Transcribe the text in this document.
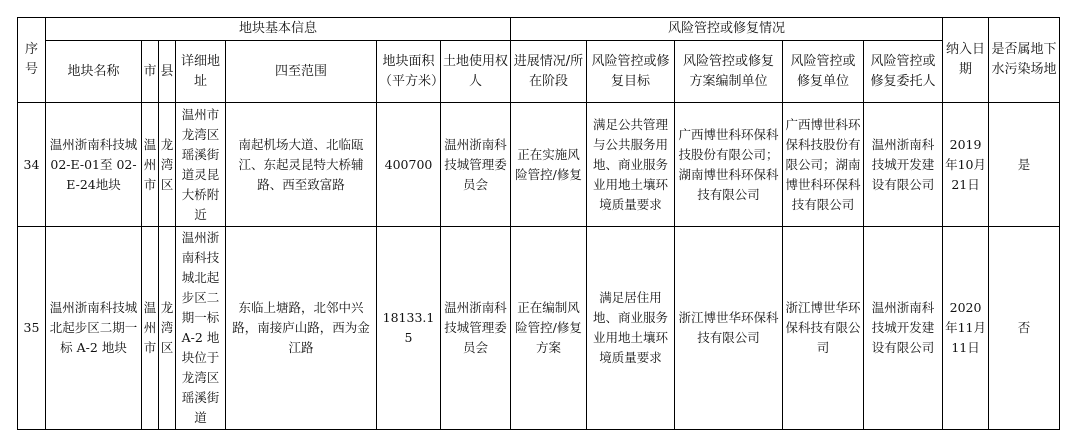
序号	地块基本信息							风险管控或修复情况					纳入日期	是否属地下水污染场地
	地块名称	市	县	详细地址	四至范围	地块面积（平方米）	土地使用权人	进展情况/所在阶段	风险管控或修复目标	风险管控或修复方案编制单位	风险管控或修复单位	风险管控或修复委托人		
34	温州浙南科技城 02-E-01至 02-E-24地块	温州市	龙湾区	温州市龙湾区瑶溪街道灵昆大桥附近	南起机场大道、北临瓯江、东起灵昆特大桥辅路、西至致富路	400700	温州浙南科技城管理委员会	正在实施风险管控/修复	满足公共管理与公共服务用地、商业服务业用地土壤环境质量要求	广西博世科环保科技股份有限公司；湖南博世科环保科技有限公司	广西博世科环保科技股份有限公司；湖南博世科环保科技有限公司	温州浙南科技城开发建设有限公司	2019年10月21日	是
35	温州浙南科技城北起步区二期一标 A-2 地块	温州市	龙湾区	温州浙南科技城北起步区二期一标A-2 地块位于龙湾区瑶溪街道	东临上塘路，北邻中兴路，南接庐山路，西为金江路	18133.15	温州浙南科技城管理委员会	正在编制风险管控/修复方案	满足居住用地、商业服务业用地土壤环境质量要求	浙江博世华环保科技有限公司	浙江博世华环保科技有限公司	温州浙南科技城开发建设有限公司	2020年11月11日	否
